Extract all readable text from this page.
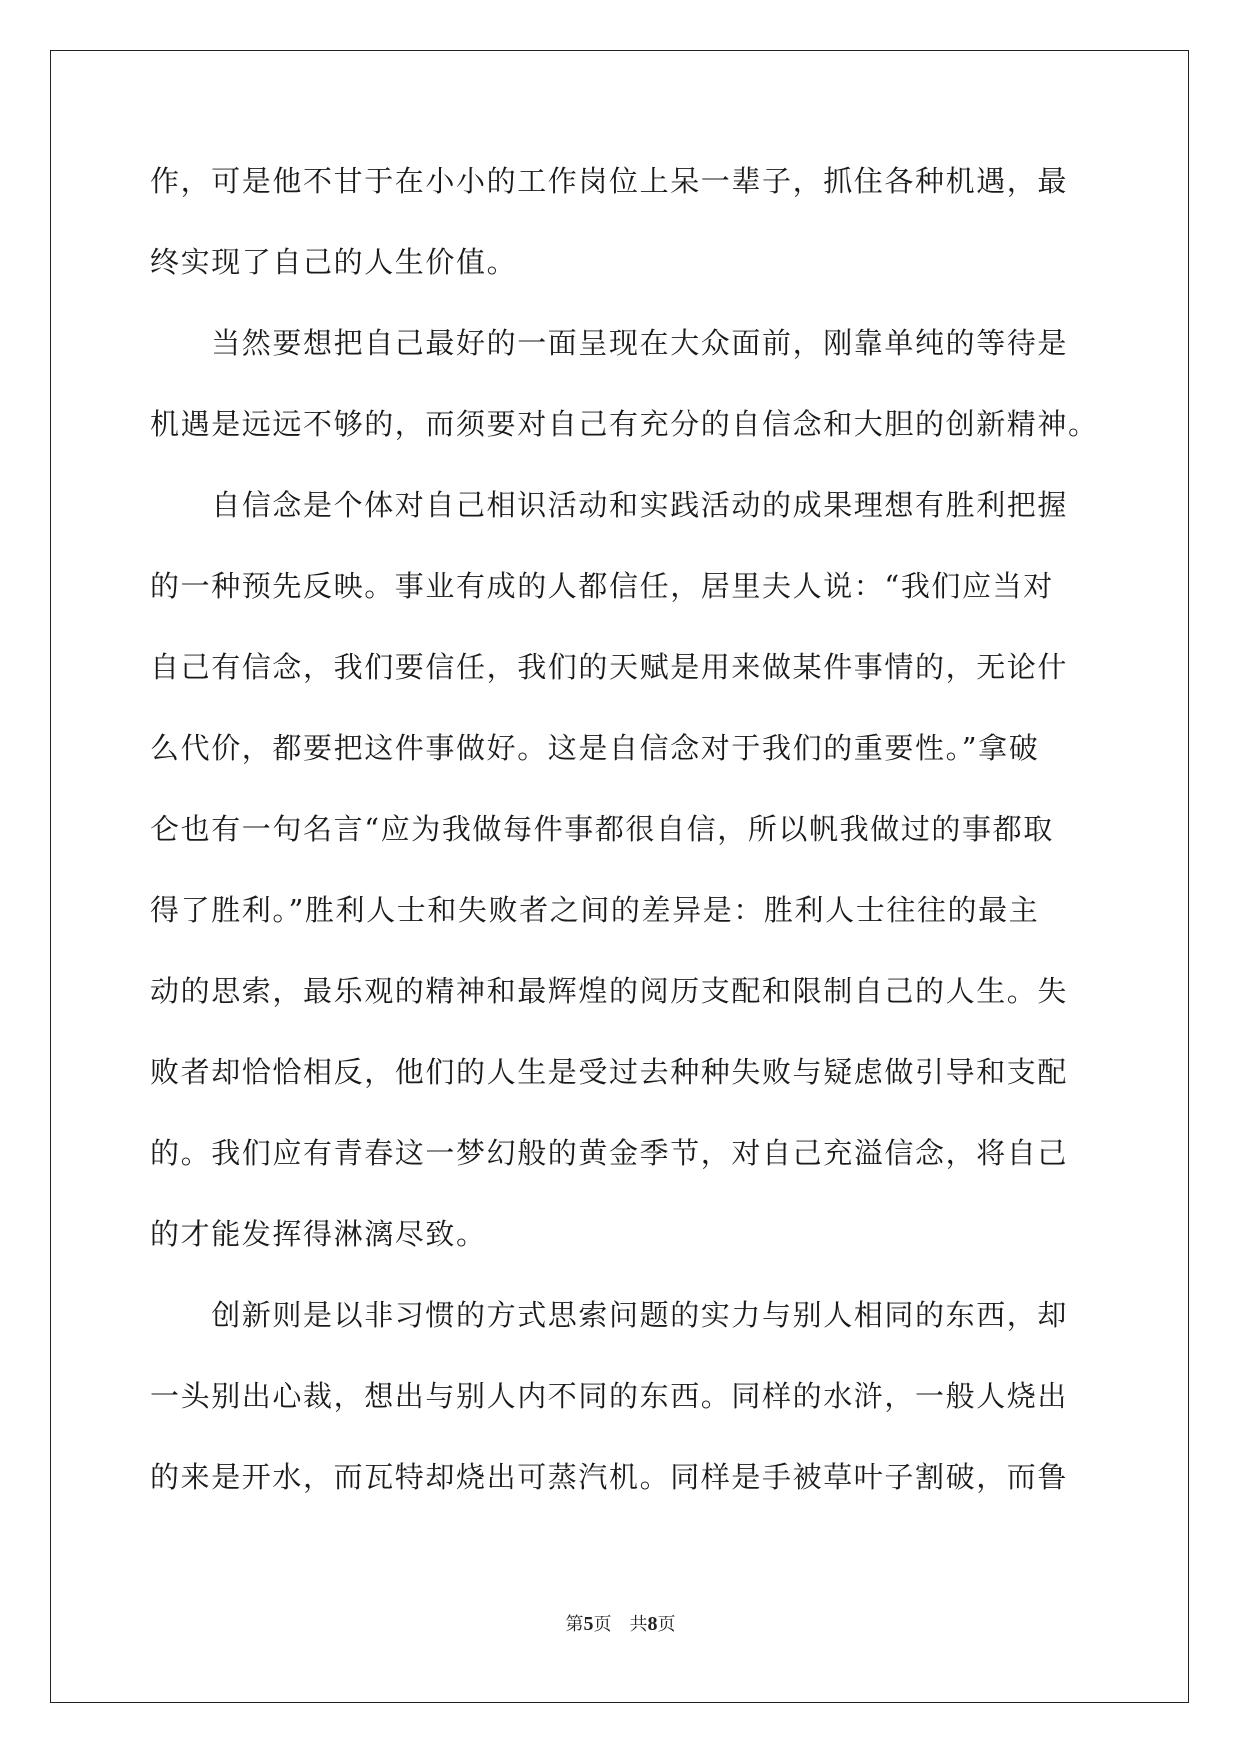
作，可是他不甘于在小小的工作岗位上呆一辈子，抓住各种机遇，最
终实现了自己的人生价值。
　　当然要想把自己最好的一面呈现在大众面前，刚靠单纯的等待是
机遇是远远不够的，而须要对自己有充分的自信念和大胆的创新精神。
　　自信念是个体对自己相识活动和实践活动的成果理想有胜利把握
的一种预先反映。事业有成的人都信任，居里夫人说：“我们应当对
自己有信念，我们要信任，我们的天赋是用来做某件事情的，无论什
么代价，都要把这件事做好。这是自信念对于我们的重要性。”拿破
仑也有一句名言“应为我做每件事都很自信，所以帆我做过的事都取
得了胜利。”胜利人士和失败者之间的差异是：胜利人士往往的最主
动的思索，最乐观的精神和最辉煌的阅历支配和限制自己的人生。失
败者却恰恰相反，他们的人生是受过去种种失败与疑虑做引导和支配
的。我们应有青春这一梦幻般的黄金季节，对自己充溢信念，将自己
的才能发挥得淋漓尽致。
　　创新则是以非习惯的方式思索问题的实力与别人相同的东西，却
一头别出心裁，想出与别人内不同的东西。同样的水浒，一般人烧出
的来是开水，而瓦特却烧出可蒸汽机。同样是手被草叶子割破，而鲁
第5页 共8页
